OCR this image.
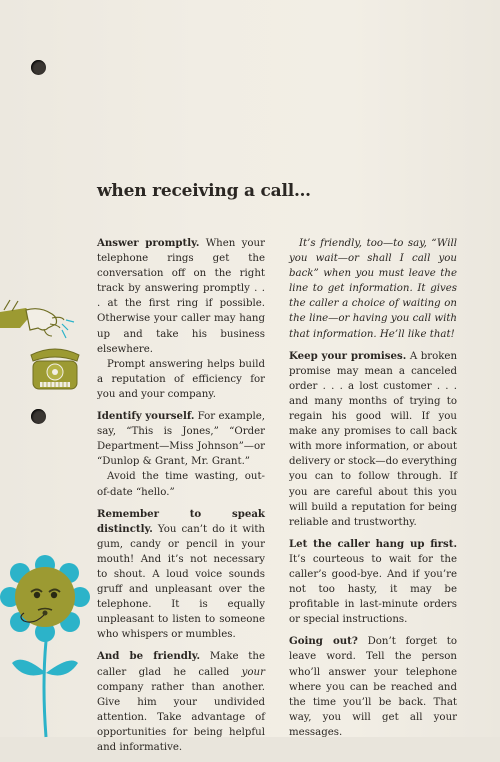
when receiving a call…

Answer promptly. When your telephone rings get the conversation off on the right track by answering promptly . . . at the first ring if possible. Otherwise your caller may hang up and take his business elsewhere.

Prompt answering helps build a reputation of efficiency for you and your company.

Identify yourself. For example, say, “This is Jones,” “Order Department—Miss Johnson”—or “Dunlop & Grant, Mr. Grant.”

Avoid the time wasting, out-of-date “hello.”

Remember to speak distinctly. You can’t do it with gum, candy or pencil in your mouth! And it’s not necessary to shout. A loud voice sounds gruff and unpleasant over the telephone. It is equally unpleasant to listen to someone who whispers or mumbles.

And be friendly. Make the caller glad he called your company rather than another. Give him your undivided attention. Take advantage of opportunities for being helpful and informative.

It’s friendly, too—to say, “Will you wait—or shall I call you back” when you must leave the line to get information. It gives the caller a choice of waiting on the line—or having you call with that information. He’ll like that!

Keep your promises. A broken promise may mean a canceled order . . . a lost customer . . . and many months of trying to regain his good will. If you make any promises to call back with more information, or about delivery or stock—do everything you can to follow through. If you are careful about this you will build a reputation for being reliable and trustworthy.

Let the caller hang up first. It’s courteous to wait for the caller’s good-bye. And if you’re not too hasty, it may be profitable in last-minute orders or special instructions.

Going out? Don’t forget to leave word. Tell the person who’ll answer your telephone where you can be reached and the time you’ll be back. That way, you will get all your messages.
